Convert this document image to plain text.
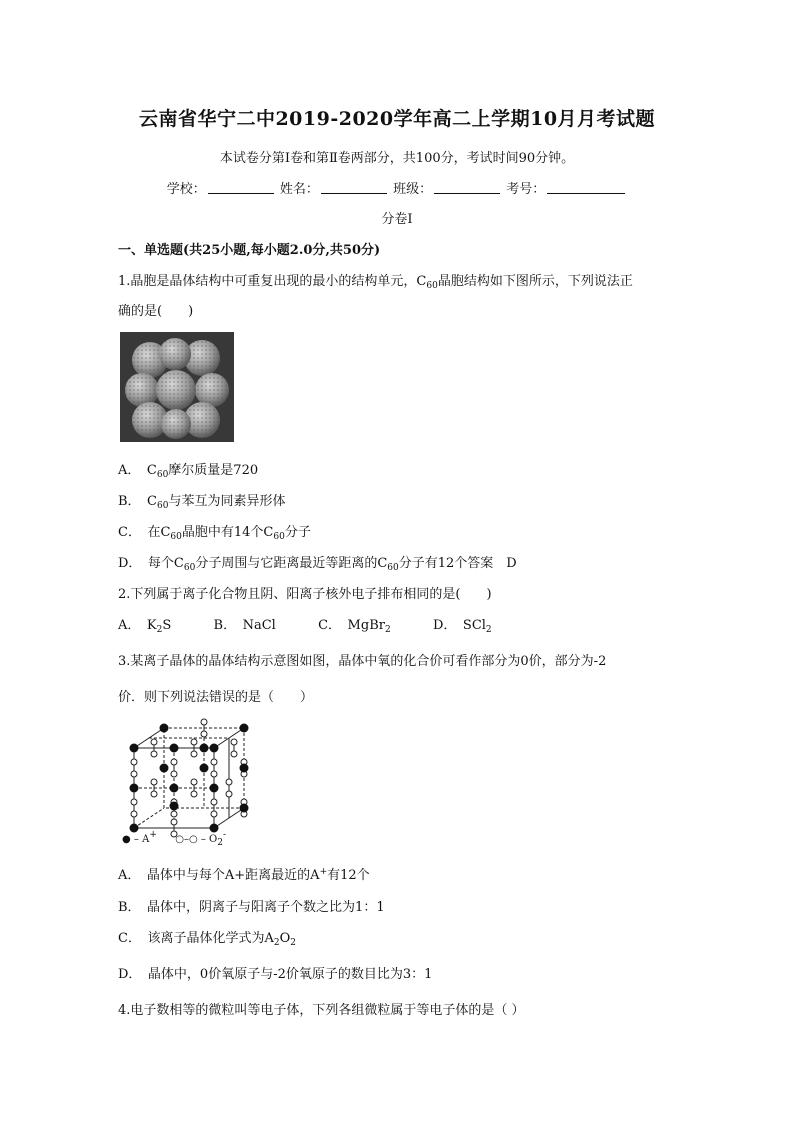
云南省华宁二中2019-2020学年高二上学期10月月考试题
本试卷分第Ⅰ卷和第Ⅱ卷两部分，共100分，考试时间90分钟。
学校：	姓名：	班级：	考号：
分卷I
一、单选题(共25小题,每小题2.0分,共50分)
1.晶胞是晶体结构中可重复出现的最小的结构单元，$C_{60}$晶胞结构如下图所示，下列说法正
确的是(　　)
A．　$C_{60}$摩尔质量是720
B．　$C_{60}$与苯互为同素异形体
C．　在$C_{60}$晶胞中有14个$C_{60}$分子
D．　每个$C_{60}$分子周围与它距离最近等距离的$C_{60}$分子有12个答案　D
2.下列属于离子化合物且阴、阳离子核外电子排布相同的是(　　)
A．　$K_2S$	B．　NaCl	C．　MgBr$_2$	D．　SCl$_2$
3.某离子晶体的晶体结构示意图如图，晶体中氧的化合价可看作部分为0价，部分为-2
价．则下列说法错误的是（　　）
● – A+ ○–○ – $O_2^-$
A．　晶体中与每个A+距离最近的A+有12个
B．　晶体中，阴离子与阳离子个数之比为1：1
C．　该离子晶体化学式为$A_2O_2$
D．　晶体中，0价氧原子与-2价氧原子的数目比为3：1
4.电子数相等的微粒叫等电子体，下列各组微粒属于等电子体的是（ ）
